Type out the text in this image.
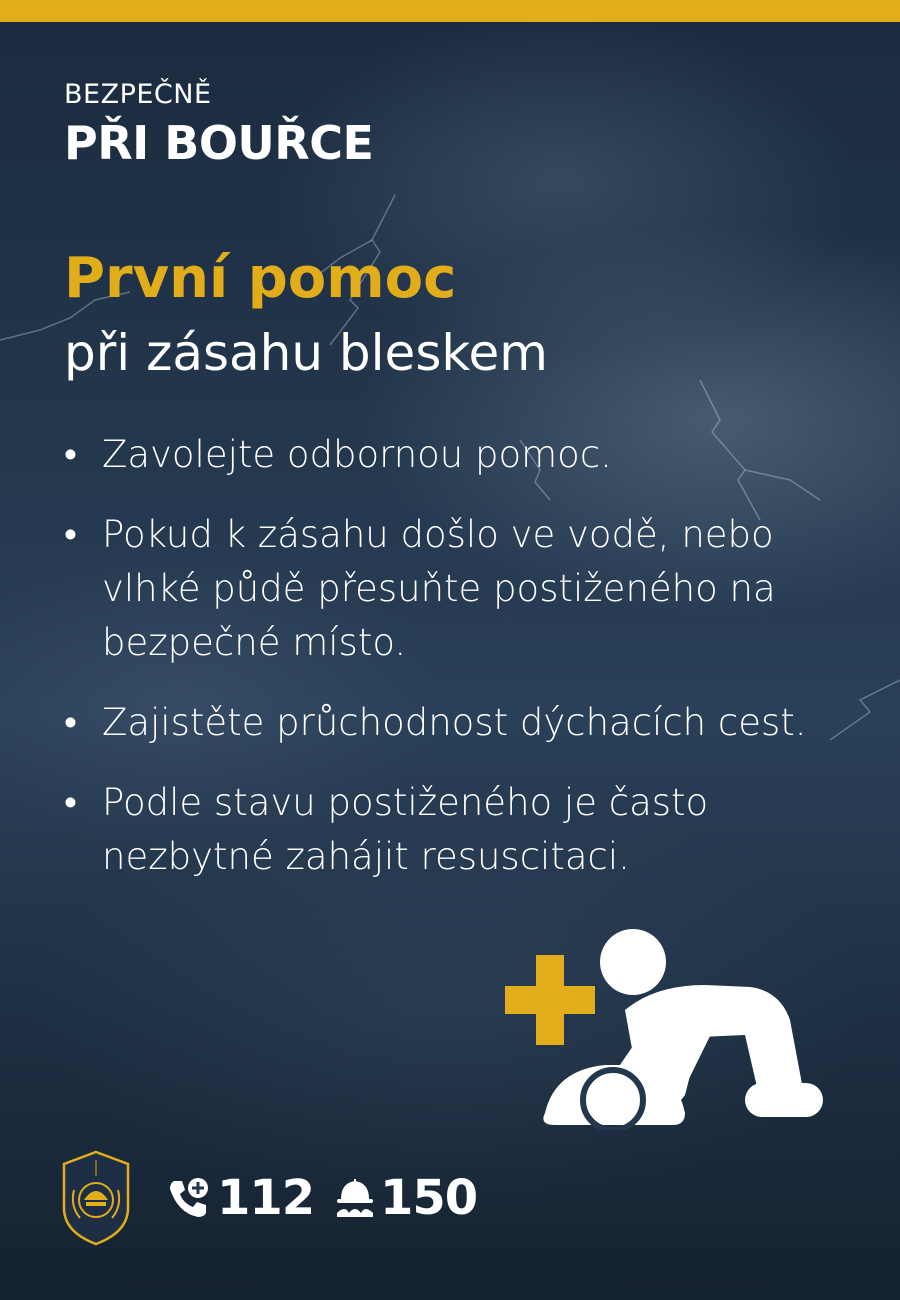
BEZPEČNĚ
PŘI BOUŘCE
První pomoc
při zásahu bleskem
• Zavolejte odbornou pomoc.
• Pokud k zásahu došlo ve vodě, nebo vlhké půdě přesuňte postiženého na bezpečné místo.
• Zajistěte průchodnost dýchacích cest.
• Podle stavu postiženého je často nezbytné zahájit resuscitaci.
112 150
